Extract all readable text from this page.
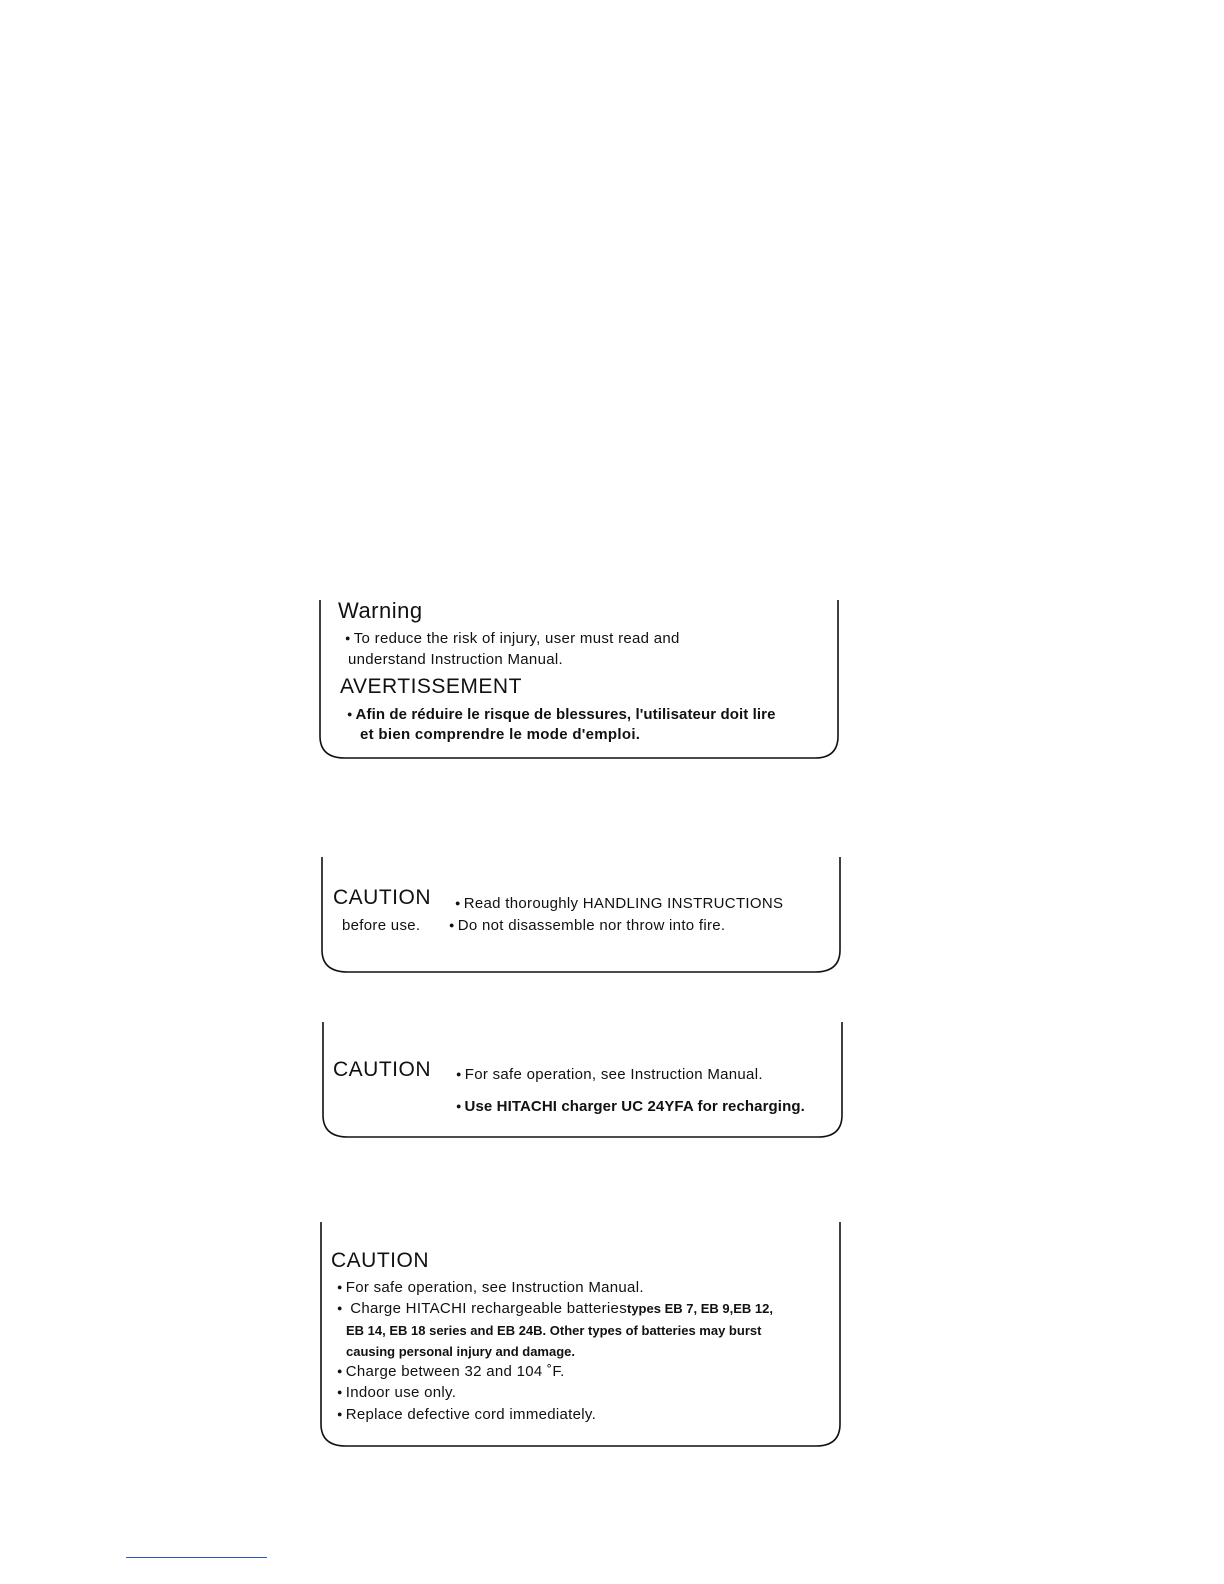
Warning
● To reduce the risk of injury, user must read and
understand Instruction Manual.
AVERTISSEMENT
● Afin de réduire le risque de blessures, l'utilisateur doit lire
et bien comprendre le mode d'emploi.
CAUTION	● Read thoroughly HANDLING INSTRUCTIONS
before use.	● Do not disassemble nor throw into fire.
CAUTION	● For safe operation, see Instruction Manual.
● Use HITACHI charger UC 24YFA for recharging.
CAUTION
● For safe operation, see Instruction Manual.
● Charge HITACHI rechargeable batteriestypes EB 7, EB 9,EB 12,
EB 14, EB 18 series and EB 24B. Other types of batteries may burst
causing personal injury and damage.
● Charge between 32 and 104 ˚F.
● Indoor use only.
● Replace defective cord immediately.
